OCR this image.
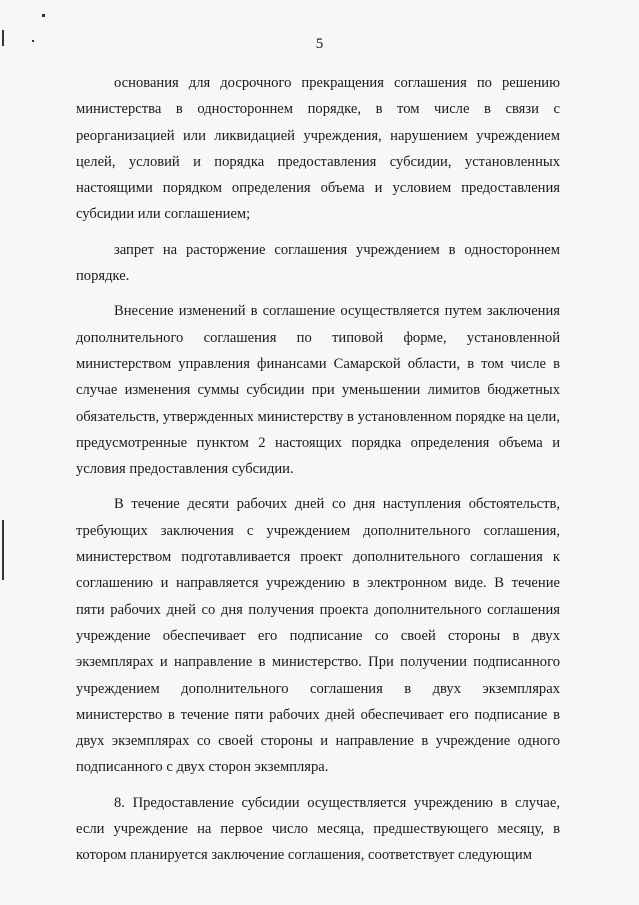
5

основания для досрочного прекращения соглашения по решению министерства в одностороннем порядке, в том числе в связи с реорганизацией или ликвидацией учреждения, нарушением учреждением целей, условий и порядка предоставления субсидии, установленных настоящими порядком определения объема и условием предоставления субсидии или соглашением;

запрет на расторжение соглашения учреждением в одностороннем порядке.

Внесение изменений в соглашение осуществляется путем заключения дополнительного соглашения по типовой форме, установленной министерством управления финансами Самарской области, в том числе в случае изменения суммы субсидии при уменьшении лимитов бюджетных обязательств, утвержденных министерству в установленном порядке на цели, предусмотренные пунктом 2 настоящих порядка определения объема и условия предоставления субсидии.

В течение десяти рабочих дней со дня наступления обстоятельств, требующих заключения с учреждением дополнительного соглашения, министерством подготавливается проект дополнительного соглашения к соглашению и направляется учреждению в электронном виде. В течение пяти рабочих дней со дня получения проекта дополнительного соглашения учреждение обеспечивает его подписание со своей стороны в двух экземплярах и направление в министерство. При получении подписанного учреждением дополнительного соглашения в двух экземплярах министерство в течение пяти рабочих дней обеспечивает его подписание в двух экземплярах со своей стороны и направление в учреждение одного подписанного с двух сторон экземпляра.

8. Предоставление субсидии осуществляется учреждению в случае, если учреждение на первое число месяца, предшествующего месяцу, в котором планируется заключение соглашения, соответствует следующим
